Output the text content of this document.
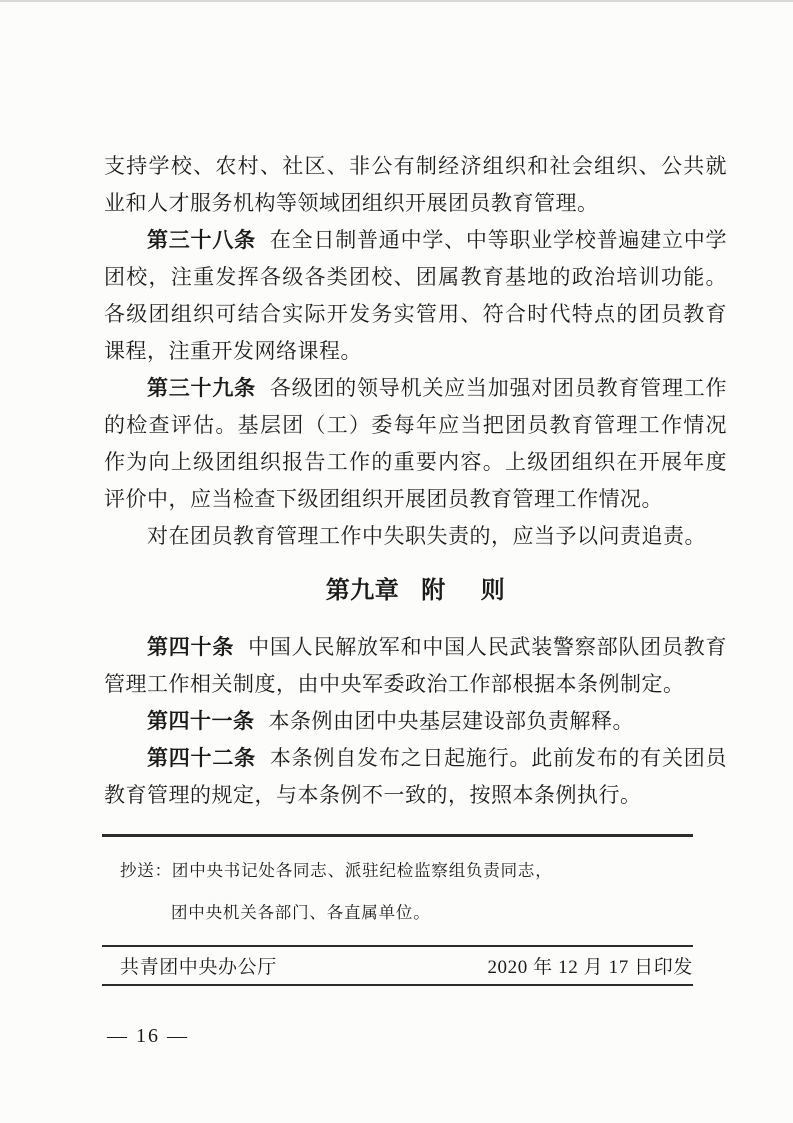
支持学校、农村、社区、非公有制经济组织和社会组织、公共就业和人才服务机构等领域团组织开展团员教育管理。

第三十八条 在全日制普通中学、中等职业学校普遍建立中学团校，注重发挥各级各类团校、团属教育基地的政治培训功能。各级团组织可结合实际开发务实管用、符合时代特点的团员教育课程，注重开发网络课程。

第三十九条 各级团的领导机关应当加强对团员教育管理工作的检查评估。基层团（工）委每年应当把团员教育管理工作情况作为向上级团组织报告工作的重要内容。上级团组织在开展年度评价中，应当检查下级团组织开展团员教育管理工作情况。

对在团员教育管理工作中失职失责的，应当予以问责追责。

第九章 附 则

第四十条 中国人民解放军和中国人民武装警察部队团员教育管理工作相关制度，由中央军委政治工作部根据本条例制定。

第四十一条 本条例由团中央基层建设部负责解释。

第四十二条 本条例自发布之日起施行。此前发布的有关团员教育管理的规定，与本条例不一致的，按照本条例执行。

抄送：团中央书记处各同志、派驻纪检监察组负责同志，
团中央机关各部门、各直属单位。
共青团中央办公厅	2020 年 12 月 17 日印发
— 16 —
